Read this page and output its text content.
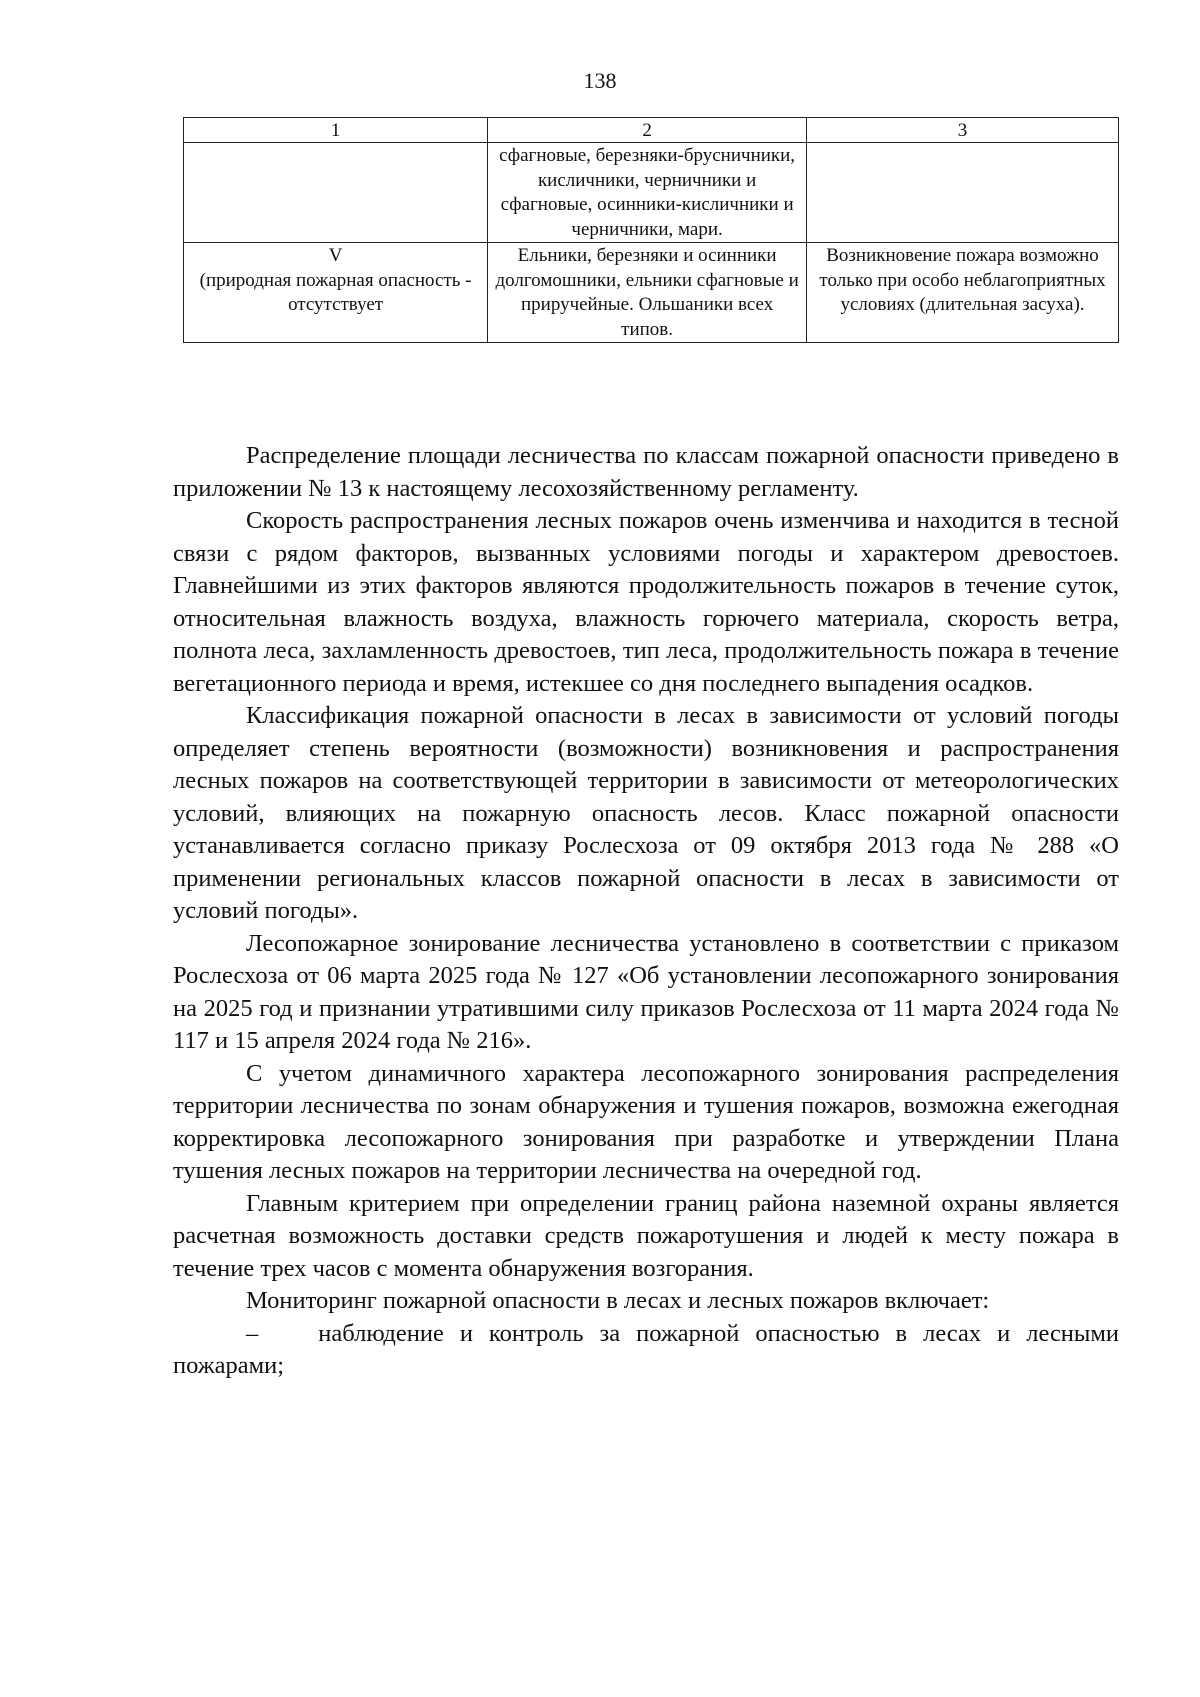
138
1	2	3
	сфагновые, березняки-брусничники, кисличники, черничники и сфагновые, осинники-кисличники и черничники, мари.	

V
(природная пожарная опасность - отсутствует	Ельники, березняки и осинники долгомошники, ельники сфагновые и приручейные. Ольшаники всех типов.	Возникновение пожара возможно только при особо неблагоприятных условиях (длительная засуха).

Распределение площади лесничества по классам пожарной опасности приведено в приложении № 13 к настоящему лесохозяйственному регламенту.

Скорость распространения лесных пожаров очень изменчива и находится в тесной связи с рядом факторов, вызванных условиями погоды и характером древостоев. Главнейшими из этих факторов являются продолжительность пожаров в течение суток, относительная влажность воздуха, влажность горючего материала, скорость ветра, полнота леса, захламленность древостоев, тип леса, продолжительность пожара в течение вегетационного периода и время, истекшее со дня последнего выпадения осадков.

Классификация пожарной опасности в лесах в зависимости от условий погоды определяет степень вероятности (возможности) возникновения и распространения лесных пожаров на соответствующей территории в зависимости от метеорологических условий, влияющих на пожарную опасность лесов. Класс пожарной опасности устанавливается согласно приказу Рослесхоза от 09 октября 2013 года № 288 «О применении региональных классов пожарной опасности в лесах в зависимости от условий погоды».

Лесопожарное зонирование лесничества установлено в соответствии с приказом Рослесхоза от 06 марта 2025 года № 127 «Об установлении лесопожарного зонирования на 2025 год и признании утратившими силу приказов Рослесхоза от 11 марта 2024 года № 117 и 15 апреля 2024 года № 216».

С учетом динамичного характера лесопожарного зонирования распределения территории лесничества по зонам обнаружения и тушения пожаров, возможна ежегодная корректировка лесопожарного зонирования при разработке и утверждении Плана тушения лесных пожаров на территории лесничества на очередной год.

Главным критерием при определении границ района наземной охраны является расчетная возможность доставки средств пожаротушения и людей к месту пожара в течение трех часов с момента обнаружения возгорания.

Мониторинг пожарной опасности в лесах и лесных пожаров включает:

– наблюдение и контроль за пожарной опасностью в лесах и лесными пожарами;
